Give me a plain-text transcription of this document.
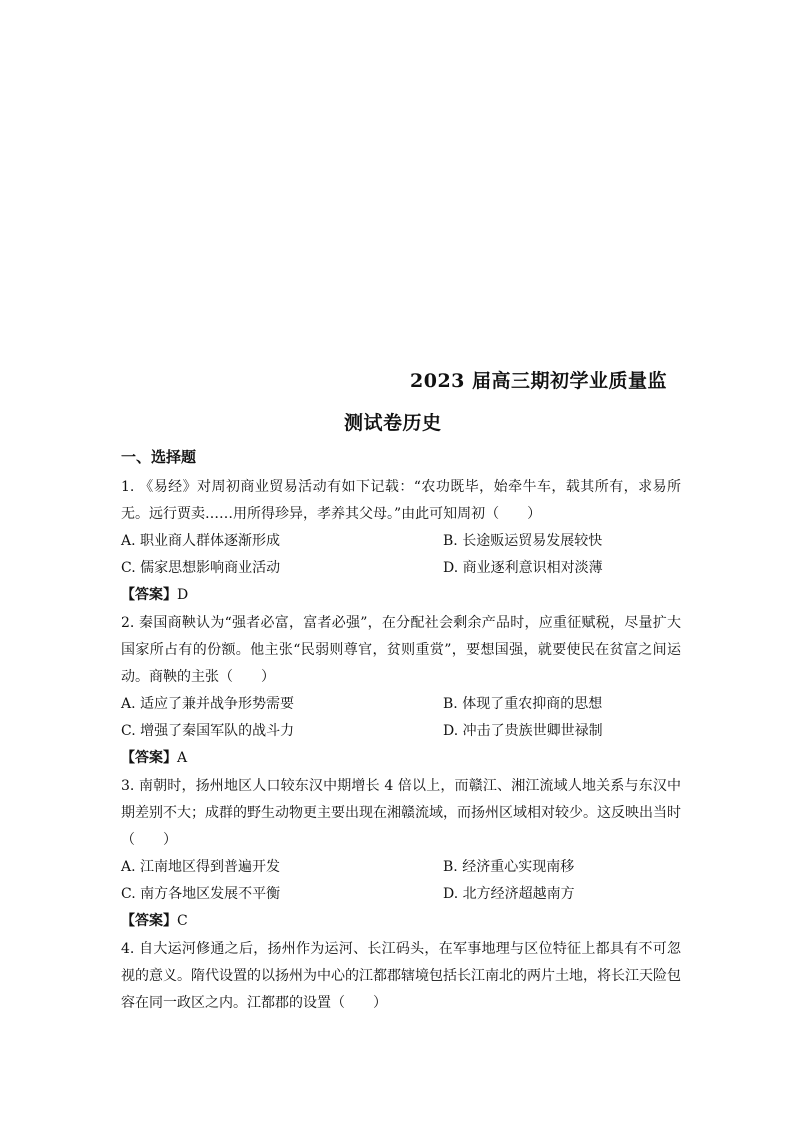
2023 届高三期初学业质量监
测试卷历史
一、选择题

1. 《易经》对周初商业贸易活动有如下记载：“农功既毕，始牵牛车，载其所有，求易所无。远行贾卖……用所得珍异，孝养其父母。”由此可知周初（　　）

A. 职业商人群体逐渐形成	B. 长途贩运贸易发展较快
C. 儒家思想影响商业活动	D. 商业逐利意识相对淡薄

【答案】D

2. 秦国商鞅认为“强者必富，富者必强”，在分配社会剩余产品时，应重征赋税，尽量扩大国家所占有的份额。他主张“民弱则尊官，贫则重赏”，要想国强，就要使民在贫富之间运动。商鞅的主张（　　）

A. 适应了兼并战争形势需要	B. 体现了重农抑商的思想
C. 增强了秦国军队的战斗力	D. 冲击了贵族世卿世禄制

【答案】A

3. 南朝时，扬州地区人口较东汉中期增长 4 倍以上，而赣江、湘江流域人地关系与东汉中期差别不大；成群的野生动物更主要出现在湘赣流域，而扬州区域相对较少。这反映出当时（　　）

A. 江南地区得到普遍开发	B. 经济重心实现南移
C. 南方各地区发展不平衡	D. 北方经济超越南方

【答案】C

4. 自大运河修通之后，扬州作为运河、长江码头，在军事地理与区位特征上都具有不可忽视的意义。隋代设置的以扬州为中心的江都郡辖境包括长江南北的两片土地，将长江天险包容在同一政区之内。江都郡的设置（　　）
